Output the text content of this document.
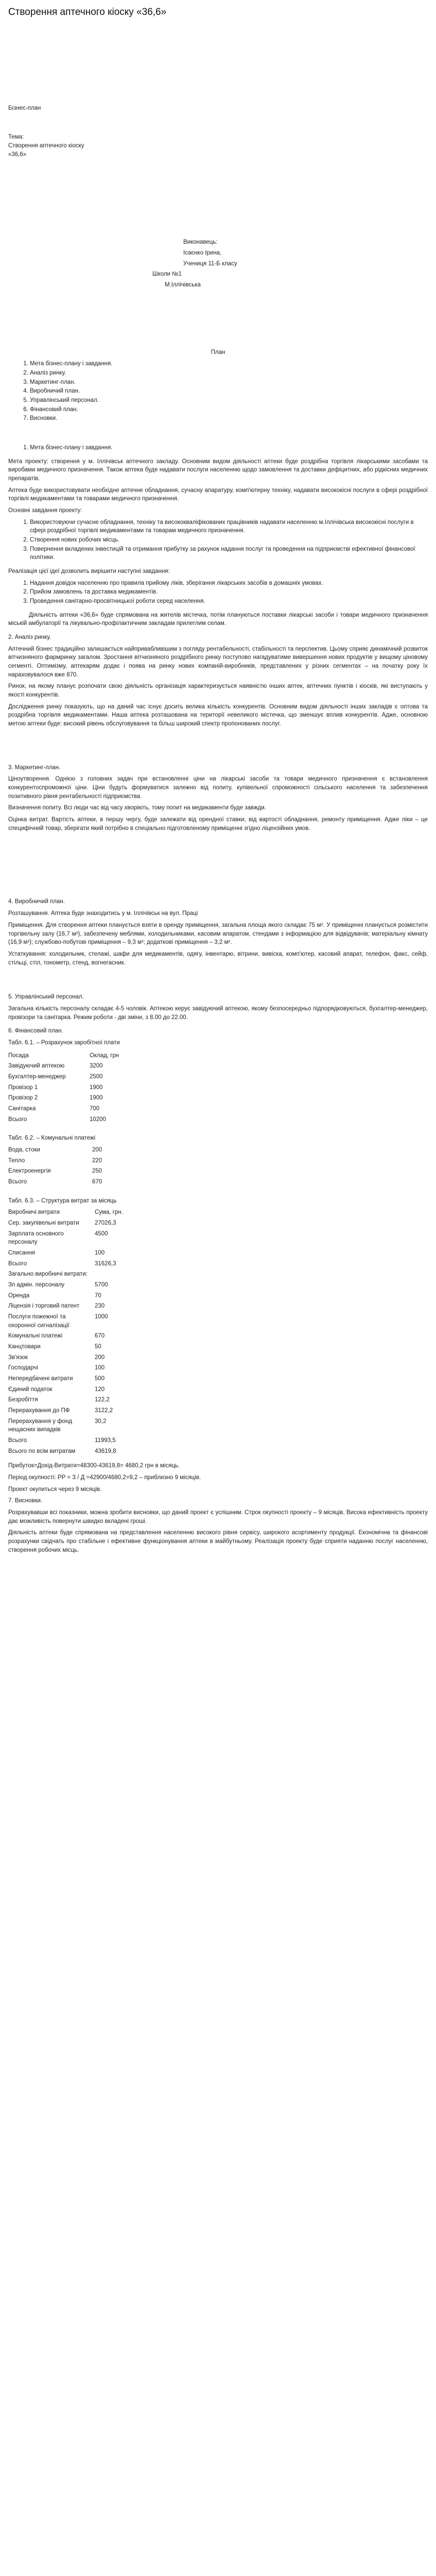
Створення аптечного кіоску «36,6»

Бізнес-план

Тема:

Створення аптечного кіоску

«36,6»

Виконавець:

Ісаєнко Ірина,

Учениця 11-Б класу

Школи №1

М.Іллічівська

План

1. Мета бізнес-плану і завдання.
2. Аналіз ринку.
3. Маркетинг-план.
4. Виробничий план.
5. Управлінський персонал.
6. Фінансовий план.
7. Висновки.
1. Мета бізнес-плану і завдання.

Мета проекту: створення у м. Іллічівськ аптечного закладу. Основним видом діяльності аптеки буде роздрібна торгівля лікарськими засобами та виробами медичного призначення. Також аптека буде надавати послуги населенню щодо замовлення та доставки дефіцитних, або рідкісних медичних препаратів.

Аптека буде використовувати необхідне аптечне обладнання, сучасну апаратуру, комп'ютерну техніку, надавати висококісні послуги в сфері роздрібної торгівлі медикаментами та товарами медичного призначення.

Основні завдання проекту:

1. Використовуючи сучасне обладнання, техніку та висококваліфікованих працівників надавати населенню м.Іллічівська висококісні послуги в сфері роздрібної торгівлі медикаментами та товарам медичного призначення.
2. Створення нових робочих місць.
3. Повернення вкладених інвестицій та отримання прибутку за рахунок надання послуг та проведення на підприємстві ефективної фінансової політики.

Реалізація цієї ідеї дозволить вирішити наступні завдання:

1. Надання довідок населенню про правила прийому ліків, зберігання лікарських засобів в домашніх умовах.
2. Прийом замовлень та доставка медикаментів.
3. Проведення санітарно-просвітницької роботи серед населення.

Діяльність аптеки «36,6» буде спрямована на жителів містечка, потім плануються поставки лікарські засоби і товари медичного призначення міській амбулаторії та лікувально-профілактичним закладам прилеглим селам.

2. Аналіз ринку.

Аптечний бізнес традиційно залишається найпривабливішим з погляду рентабельності, стабільності та перспектив. Цьому сприяє динамічний розвиток вітчизняного фармринку загалом. Зростання вітчизняного роздрібного ринку поступово нагадуватиме вивершення нових продуктів у вищому ціновому сегменті. Оптимізму, аптекарям додає і поява на ринку нових компаній-виробників, представлених у різних сегментах – на початку року їх нараховувалося вже 870.

Ринок, на якому планує розпочати свою діяльність організація характеризується наявністю інших аптек, аптечних пунктів і кіосків, які виступають у якості конкурентів.

Дослідження ринку показують, що на даний час існує досить велика кількість конкурентів. Основним видом діяльності інших закладів є оптова та роздрібна торгівля медикаментами. Наша аптека розташована на території невеликого містечка, що зменшує вплив конкурентів. Адже, основною метою аптеки буде: високий рівень обслуговування та більш широкий спектр пропонованих послуг.

3. Маркетинг-план.

Ціноутворення. Однією з головних задач при встановленні ціни на лікарські засоби та товари медичного призначення є встановлення конкурентоспроможної ціни. Ціни будуть формуватися залежно від попиту, купівельної спроможності сільського населення та забезпечення позитивного рівня рентабельності підприємства.

Визначення попиту. Всі люди час від часу хворіють, тому попит на медикаменти буде завжди.

Оцінка витрат. Вартість аптеки, в першу чергу, буде залежати від орендної ставки, від вартості обладнання, ремонту приміщення. Адже ліки – це специфічний товар, зберігати який потрібно в спеціально підготовленому приміщенні згідно ліцензійних умов.

4. Виробничий план.

Розташування. Аптека буде знаходитись у м. Іллічівськ на вул. Праці

Приміщення. Для створення аптеки планується взяти в оренду приміщення, загальна площа якого складає 75 м². У приміщенні планується розмістити торгівельну залу (16,7 м²), забезпечену меблями, холодильниками, касовим апаратом, стендами з інформацією для відвідувачів; матеріальну кімнату (16,9 м²); службово-побутові приміщення – 9,3 м²; додаткові приміщення – 3,2 м².

Устаткування: холодильник, стелажі, шафи для медикаментів, одягу, інвентарю, вітрини, вивіска, комп'ютер, касовий апарат, телефон, факс, сейф, стільці, стіл, тонометр, стенд, вогнегасник.

5. Управлінський персонал.

Загальна кількість персоналу складає 4-5 чоловік. Аптекою керує завідуючий аптекою, якому безпосередньо підпорядковуються, бухгалтер-менеджер, провізори та санітарка. Режим роботи - дві зміни, з 8.00 до 22.00.

6. Фінансовий план.

Табл. 6.1. – Розрахунок заробітної плати

Посада	Оклад, грн
Завідуючий аптекою	3200
Бухгалтер-менеджер	2500
Провізор 1	1900
Провізор 2	1900
Санітарка	700
Всього	10200

Табл. 6.2. – Комунальні платежі

Вода, стоки	200
Тепло	220
Електроенергія	250
Всього	670

Табл. 6.3. – Структура витрат за місяць

Виробничі витрати	Сума, грн.
Сер. закупівельні витрати	27026,3
Зарплата основного персоналу	4500
Списання	100
Всього	31626,3
Загально виробничі витрати:	
Зп адмін. персоналу	5700
Оренда	70
Ліцензія і торговий патент	230
Послуги пожежної та охоронної сигналізації	1000
Комунальні платежі	670
Канцтовари	50
Зв'язок	200
Господарчі	100
Непередбачені витрати	500
Єдиний податок	120
Безробіття	122,2
Перерахування до ПФ	3122,2
Перерахування у фонд нещасних випадків	30,2
Всього	11993,5
Всього по всім витратам	43619,8

Прибуток=Дохід-Витрати=48300-43619,8= 4680,2 грн в місяць.

Період окупності: PP = З / Д =42900/4680,2=9,2 – приблизно 9 місяців.

Проект окупиться через 9 місяців.

7. Висновки.

Розрахувавши всі показники, можна зробити висновки, що даний проект є успішним. Строк окупності проекту – 9 місяців. Висока ефективність проекту дає можливість повернути швидко вкладені гроші.

Діяльність аптеки буде спрямована на представлення населенню високого рівня сервісу, широкого асортименту продукції. Економічна та фінансові розрахунки свідчать про стабільне і ефективне функціонування аптеки в майбутньому. Реалізація проекту буде сприяти наданню послуг населенню, створення робочих місць.
